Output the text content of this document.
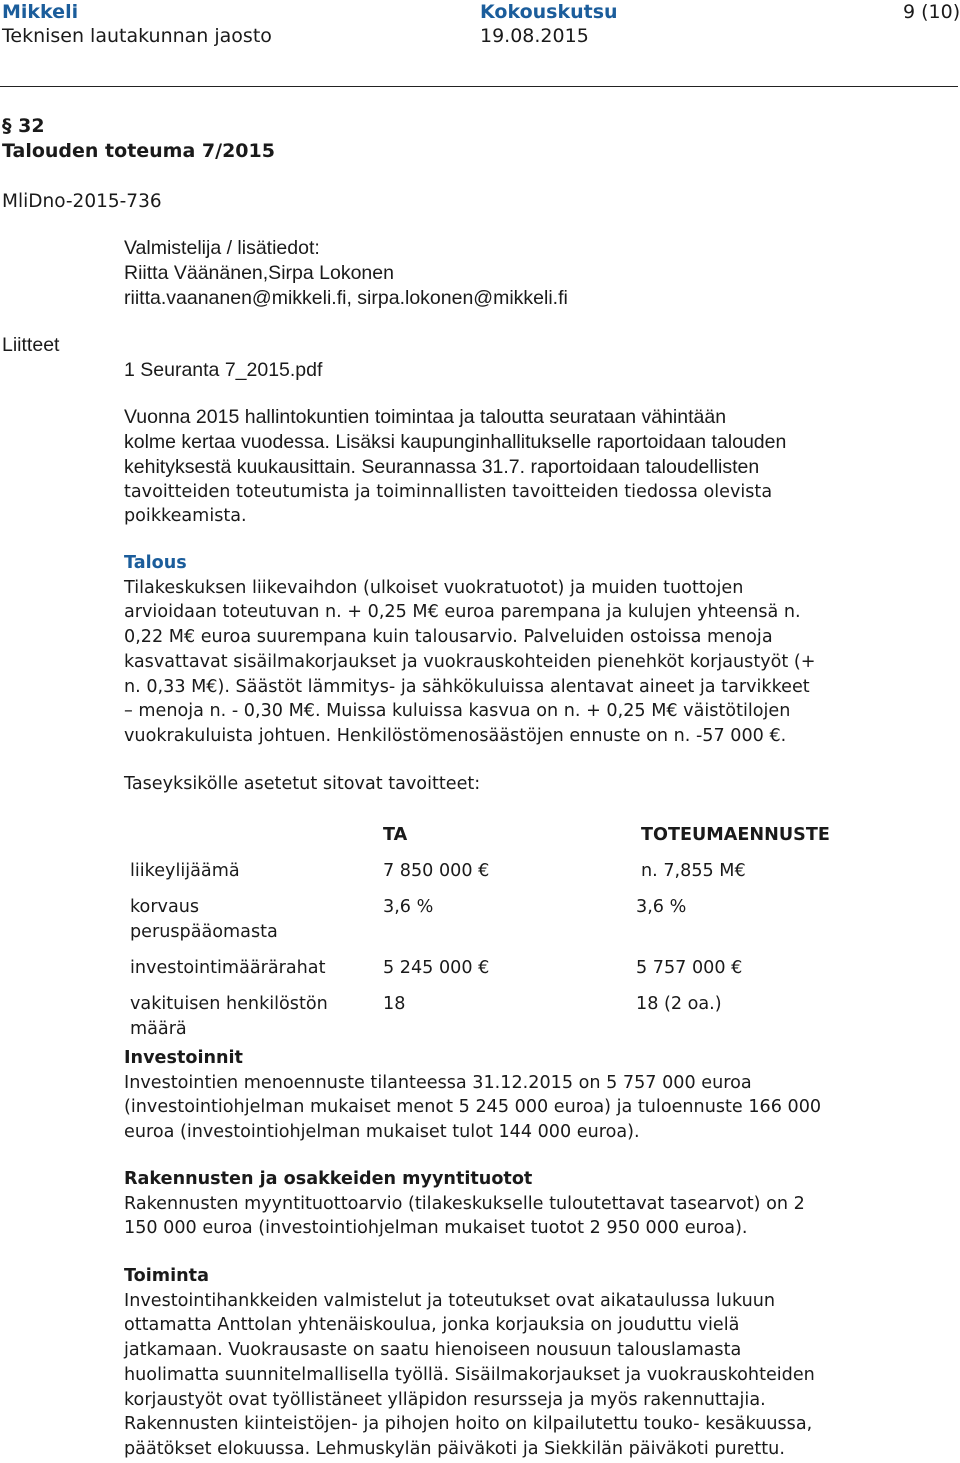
Mikkeli
Teknisen lautakunnan jaosto
Kokouskutsu
19.08.2015
9 (10)
§ 32
Talouden toteuma 7/2015
MliDno-2015-736
Valmistelija / lisätiedot:
Riitta Väänänen,Sirpa Lokonen
riitta.vaananen@mikkeli.fi, sirpa.lokonen@mikkeli.fi
Liitteet
1 Seuranta 7_2015.pdf
Vuonna 2015 hallintokuntien toimintaa ja taloutta seurataan vähintään
kolme kertaa vuodessa. Lisäksi kaupunginhallitukselle raportoidaan talouden
kehityksestä kuukausittain. Seurannassa 31.7. raportoidaan taloudellisten

Talous

Tilakeskuksen liikevaihdon (ulkoiset vuokratuotot) ja muiden tuottojen

arvioidaan toteutuvan n. + 0,25 M€ euroa parempana ja kulujen yhteensä n.

0,22 M€ euroa suurempana kuin talousarvio. Palveluiden ostoissa menoja

kasvattavat sisäilmakorjaukset ja vuokrauskohteiden pienehköt korjaustyöt (+

n. 0,33 M€). Säästöt lämmitys- ja sähkökuluissa alentavat aineet ja tarvikkeet

– menoja n. - 0,30 M€. Muissa kuluissa kasvua on n. + 0,25 M€ väistötilojen

vuokrakuluista johtuen. Henkilöstömenosäästöjen ennuste on n. -57 000 €.

tavoitteiden toteutumista ja toiminnallisten tavoitteiden tiedossa olevista

poikkeamista.

Taseyksikölle asetetut sitovat tavoitteet:
TA	TOTEUMAENNUSTE
liikeylijäämä	7 850 000 €	n. 7,855 M€
korvaus
peruspääomasta
3,6 %	3,6 %
investointimäärärahat	5 245 000 €	5 757 000 €
vakituisen henkilöstön
määrä
18	18 (2 oa.)

Investoinnit

Investointien menoennuste tilanteessa 31.12.2015 on 5 757 000 euroa

(investointiohjelman mukaiset menot 5 245 000 euroa) ja tuloennuste 166 000

euroa (investointiohjelman mukaiset tulot 144 000 euroa).

Rakennusten ja osakkeiden myyntituotot

Rakennusten myyntituottoarvio (tilakeskukselle tuloutettavat tasearvot) on 2

150 000 euroa (investointiohjelman mukaiset tuotot 2 950 000 euroa).

Toiminta

Investointihankkeiden valmistelut ja toteutukset ovat aikataulussa lukuun

ottamatta Anttolan yhtenäiskoulua, jonka korjauksia on jouduttu vielä

jatkamaan. Vuokrausaste on saatu hienoiseen nousuun talouslamasta

huolimatta suunnitelmallisella työllä. Sisäilmakorjaukset ja vuokrauskohteiden

korjaustyöt ovat työllistäneet ylläpidon resursseja ja myös rakennuttajia.

Rakennusten kiinteistöjen- ja pihojen hoito on kilpailutettu touko- kesäkuussa,

päätökset elokuussa. Lehmuskylän päiväkoti ja Siekkilän päiväkoti purettu.
